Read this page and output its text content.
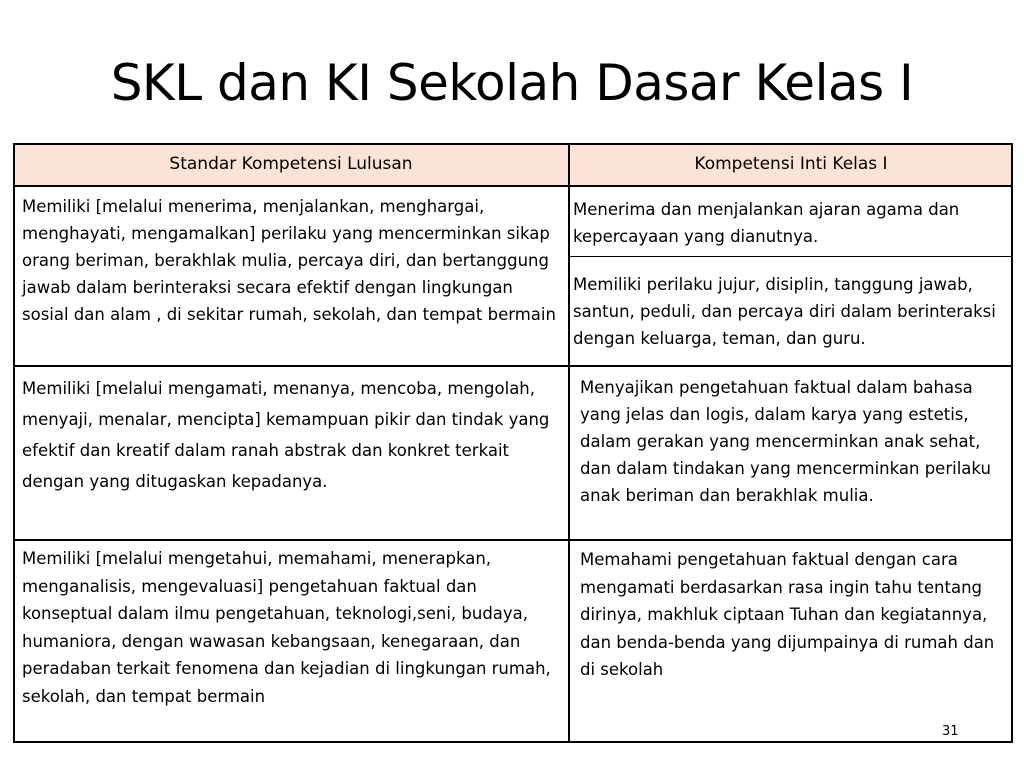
SKL dan KI Sekolah Dasar Kelas I
Standar Kompetensi Lulusan	Kompetensi Inti Kelas I
Memiliki [melalui menerima, menjalankan, menghargai, menghayati, mengamalkan] perilaku yang mencerminkan sikap orang beriman, berakhlak mulia, percaya diri, dan bertanggung jawab dalam berinteraksi secara efektif dengan lingkungan sosial dan alam , di sekitar rumah, sekolah, dan tempat bermain
Memiliki [melalui mengamati, menanya, mencoba, mengolah, menyaji, menalar, mencipta] kemampuan pikir dan tindak yang efektif dan kreatif dalam ranah abstrak dan konkret terkait dengan yang ditugaskan kepadanya.
Memiliki [melalui mengetahui, memahami, menerapkan, menganalisis, mengevaluasi] pengetahuan faktual dan konseptual dalam ilmu pengetahuan, teknologi,seni, budaya, humaniora, dengan wawasan kebangsaan, kenegaraan, dan peradaban terkait fenomena dan kejadian di lingkungan rumah, sekolah, dan tempat bermain
Menerima dan menjalankan ajaran agama dan kepercayaan yang dianutnya.
Memiliki perilaku jujur, disiplin, tanggung jawab, santun, peduli, dan percaya diri dalam berinteraksi dengan keluarga, teman, dan guru.
Menyajikan pengetahuan faktual dalam bahasa yang jelas dan logis, dalam karya yang estetis, dalam gerakan yang mencerminkan anak sehat, dan dalam tindakan yang mencerminkan perilaku anak beriman dan berakhlak mulia.
Memahami pengetahuan faktual dengan cara mengamati berdasarkan rasa ingin tahu tentang dirinya, makhluk ciptaan Tuhan dan kegiatannya, dan benda-benda yang dijumpainya di rumah dan di sekolah
31
